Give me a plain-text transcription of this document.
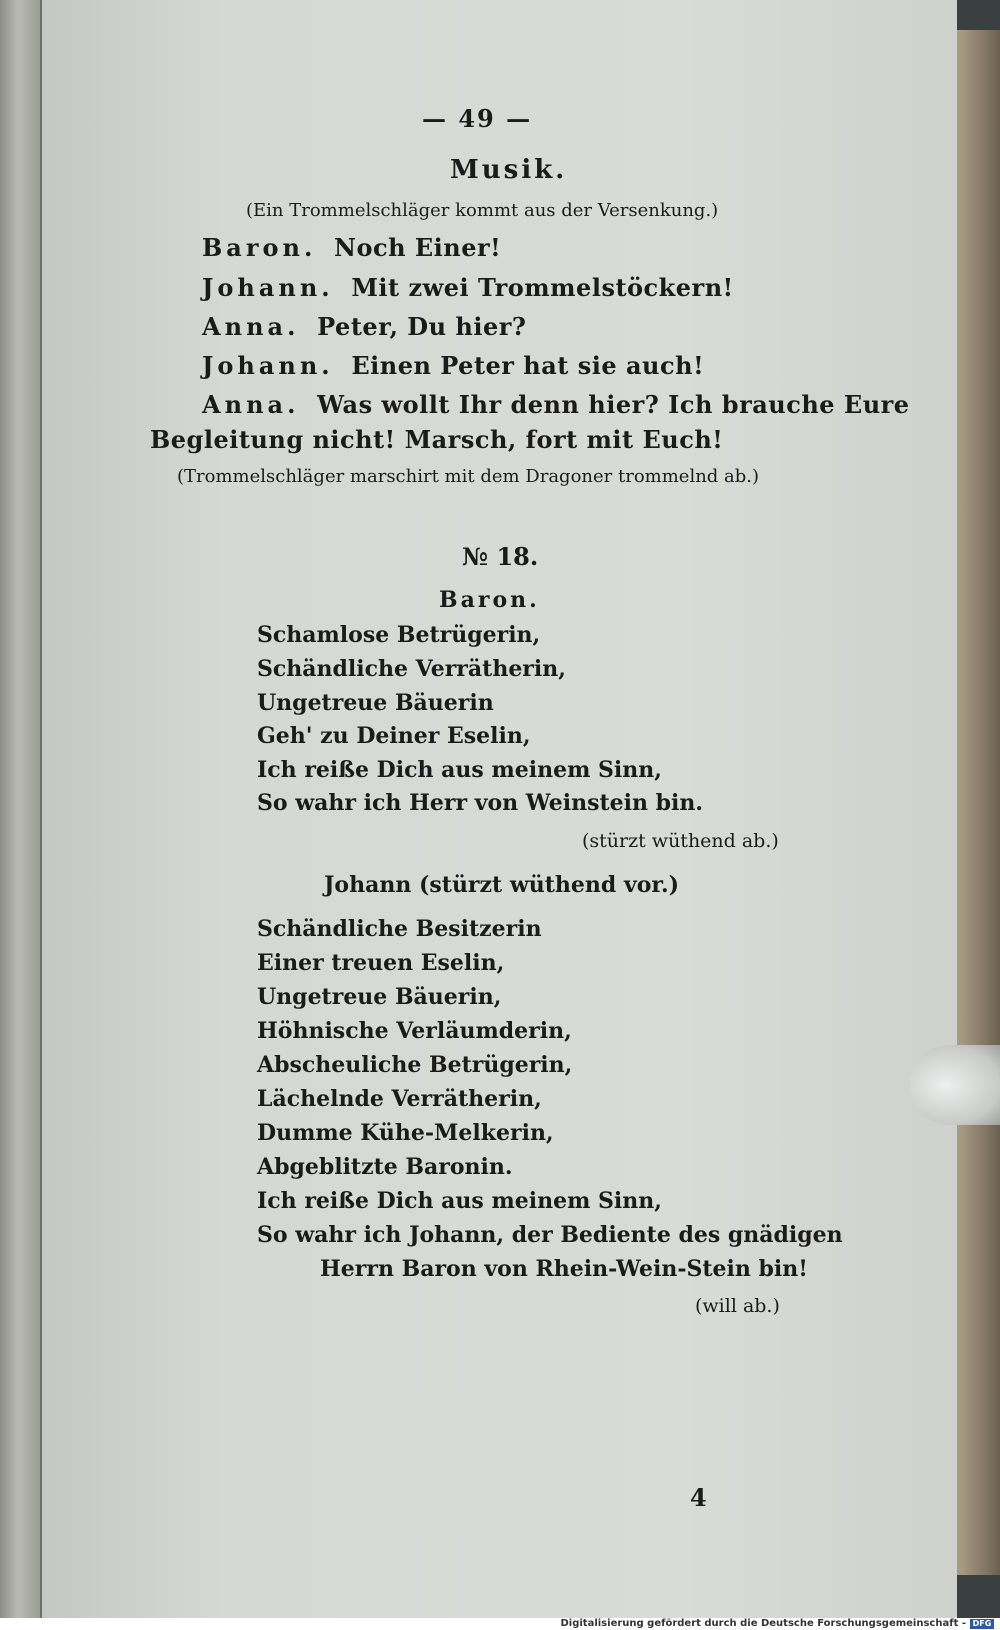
— 49 —
Musik.
(Ein Trommelschläger kommt aus der Versenkung.)
Baron. Noch Einer!
Johann. Mit zwei Trommelstöckern!
Anna. Peter, Du hier?
Johann. Einen Peter hat sie auch!
Anna. Was wollt Ihr denn hier? Ich brauche Eure
Begleitung nicht! Marsch, fort mit Euch!
(Trommelschläger marschirt mit dem Dragoner trommelnd ab.)
№ 18.
Baron.
Schamlose Betrügerin,
Schändliche Verrätherin,
Ungetreue Bäuerin
Geh' zu Deiner Eselin,
Ich reiße Dich aus meinem Sinn,
So wahr ich Herr von Weinstein bin.
(stürzt wüthend ab.)
Johann (stürzt wüthend vor.)
Schändliche Besitzerin
Einer treuen Eselin,
Ungetreue Bäuerin,
Höhnische Verläumderin,
Abscheuliche Betrügerin,
Lächelnde Verrätherin,
Dumme Kühe-Melkerin,
Abgeblitzte Baronin.
Ich reiße Dich aus meinem Sinn,
So wahr ich Johann, der Bediente des gnädigen
Herrn Baron von Rhein-Wein-Stein bin!
(will ab.)
4
Digitalisierung gefördert durch die Deutsche Forschungsgemeinschaft - DFG
